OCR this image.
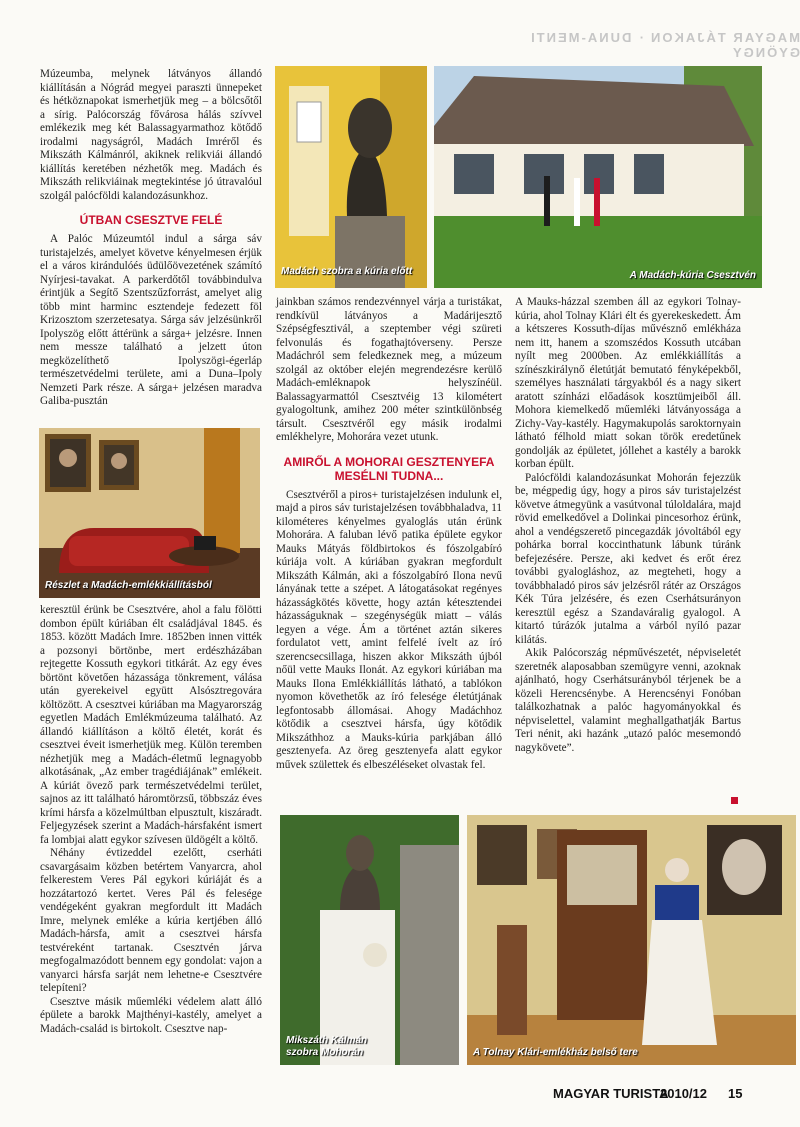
MAGYAR TÁJAKON · DUNA-MENTI GYÖNGY

Múzeumba, melynek látványos állandó kiállításán a Nógrád megyei paraszti ünnepeket és hétköznapokat ismerhetjük meg – a bölcsőtől a sírig. Palócország fővárosa hálás szívvel emlékezik meg két Balassagyarmathoz kötődő irodalmi nagyságról, Madách Imréről és Mikszáth Kálmánról, akiknek relikviái állandó kiállítás keretében nézhetők meg. Madách és Mikszáth relikviáinak megtekintése jó útravalóul szolgál palócföldi kalandozásunkhoz.

ÚTBAN CSESZTVE FELÉ

A Palóc Múzeumtól indul a sárga sáv turistajelzés, amelyet követve kényelmesen érjük el a város kirándulóés üdülőövezetének számító Nyírjesi-tavakat. A parkerdőtől továbbindulva érintjük a Segítő Szentszűzforrást, amelyet alig több mint harminc esztendeje fedezett föl Krizosztom szerzetesatya. Sárga sáv jelzésünkről Ipolyszög előtt áttérünk a sárga+ jelzésre. Innen nem messze található a jelzett úton megközelíthető Ipolyszögi-égerláp természetvédelmi területe, ami a Duna–Ipoly Nemzeti Park része. A sárga+ jelzésen maradva Galiba-pusztán

Részlet a Madách-emlékkiállításból

keresztül érünk be Csesztvére, ahol a falu fölötti dombon épült kúriában élt családjával 1845. és 1853. között Madách Imre. 1852ben innen vitték a pozsonyi börtönbe, mert erdészházában rejtegette Kossuth egykori titkárát. Az egy éves börtönt követően házassága tönkrement, válása után gyerekeivel együtt Alsósztregovára költözött. A csesztvei kúriában ma Magyarország egyetlen Madách Emlékmúzeuma található. Az állandó kiállításon a költő életét, korát és csesztvei éveit ismerhetjük meg. Külön teremben nézhetjük meg a Madách-életmű legnagyobb alkotásának, „Az ember tragédiájának” emlékeit. A kúriát övező park természetvédelmi terület, sajnos az itt található háromtörzsű, többszáz éves krími hársfa a közelmúltban elpusztult, kiszáradt. Feljegyzések szerint a Madách-hársfaként ismert fa lombjai alatt egykor szívesen üldögélt a költő.

Néhány évtizeddel ezelőtt, cserháti csavargásaim közben betértem Vanyarcra, ahol felkerestem Veres Pál egykori kúriáját és a hozzátartozó kertet. Veres Pál és felesége vendégeként gyakran megfordult itt Madách Imre, melynek emléke a kúria kertjében álló Madách-hársfa, amit a csesztvei hársfa testvéreként tartanak. Csesztvén járva megfogalmazódott bennem egy gondolat: vajon a vanyarci hársfa sarját nem lehetne-e Csesztvére telepíteni?

Csesztve másik műemléki védelem alatt álló épülete a barokk Majthényi-kastély, amelyet a Madách-család is birtokolt. Csesztve nap-

Madách szobra a kúria előtt	A Madách-kúria Csesztvén

jainkban számos rendezvénnyel várja a turistákat, rendkívül látványos a Madárijesztő Szépségfesztivál, a szeptember végi szüreti felvonulás és fogathajtóverseny. Persze Madáchról sem feledkeznek meg, a múzeum szolgál az október elején megrendezésre kerülő Madách-emléknapok helyszínéül. Balassagyarmattól Csesztvéig 13 kilométert gyalogoltunk, amihez 200 méter szintkülönbség társult. Csesztvéről egy másik irodalmi emlékhelyre, Mohorára vezet utunk.

AMIRŐL A MOHORAI GESZTENYEFA MESÉLNI TUDNA...

Csesztvéről a piros+ turistajelzésen indulunk el, majd a piros sáv turistajelzésen továbbhaladva, 11 kilométeres kényelmes gyaloglás után érünk Mohorára. A faluban lévő patika épülete egykor Mauks Mátyás földbirtokos és fószolgabíró kúriája volt. A kúriában gyakran megfordult Mikszáth Kálmán, aki a fószolgabíró Ilona nevű lányának tette a szépet. A látogatásokat regényes házasságkötés követte, hogy aztán kétesztendei házasságuknak – szegénységük miatt – válás legyen a vége. Ám a történet aztán sikeres fordulatot vett, amint felfelé ívelt az író szerencsecsillaga, hiszen akkor Mikszáth újból nőül vette Mauks Ilonát. Az egykori kúriában ma Mauks Ilona Emlékkiállítás látható, a tablókon nyomon követhetők az író felesége életútjának legfontosabb állomásai. Ahogy Madáchhoz kötődik a csesztvei hársfa, úgy kötődik Mikszáthhoz a Mauks-kúria parkjában álló gesztenyefa. Az öreg gesztenyefa alatt egykor művek születtek és elbeszéléseket olvastak fel.

A Mauks-házzal szemben áll az egykori Tolnay-kúria, ahol Tolnay Klári élt és gyerekeskedett. Ám a kétszeres Kossuth-díjas művésznő emlékháza nem itt, hanem a szomszédos Kossuth utcában nyílt meg 2000ben. Az emlékkiállítás a színészkirálynő életútját bemutató fényképekből, személyes használati tárgyakból és a nagy sikert aratott színházi előadások kosztümjeiből áll. Mohora kiemelkedő műemléki látványossága a Zichy-Vay-kastély. Hagymakupolás saroktornyain látható félhold miatt sokan török eredetűnek gondolják az épületet, jóllehet a kastély a barokk korban épült.

Palócföldi kalandozásunkat Mohorán fejezzük be, mégpedig úgy, hogy a piros sáv turistajelzést követve átmegyünk a vasútvonal túloldalára, majd rövid emelkedővel a Dolinkai pincesorhoz érünk, ahol a vendégszerető pincegazdák jóvoltából egy pohárka borral koccinthatunk lábunk túránk befejezésére. Persze, aki kedvet és erőt érez további gyalogláshoz, az megteheti, hogy a továbbhaladó piros sáv jelzésről rátér az Országos Kék Túra jelzésére, és ezen Cserhátsurányon keresztül egész a Szandaváralig gyalogol. A kitartó túrázók jutalma a várból nyíló pazar kilátás.

Akik Palócország népművészetét, népviseletét szeretnék alaposabban szemügyre venni, azoknak ajánlható, hogy Cserhátsurányból térjenek be a közeli Herencsénybe. A Herencsényi Fonóban találkozhatnak a palóc hagyományokkal és népviselettel, valamint meghallgathatják Bartus Teri nénit, aki hazánk „utazó palóc mesemondó nagykövete”.

Mikszáth Kálmán szobra Mohorán	A Tolnay Klári-emlékház belső tere
MAGYAR TURISTA
2010/12 15
